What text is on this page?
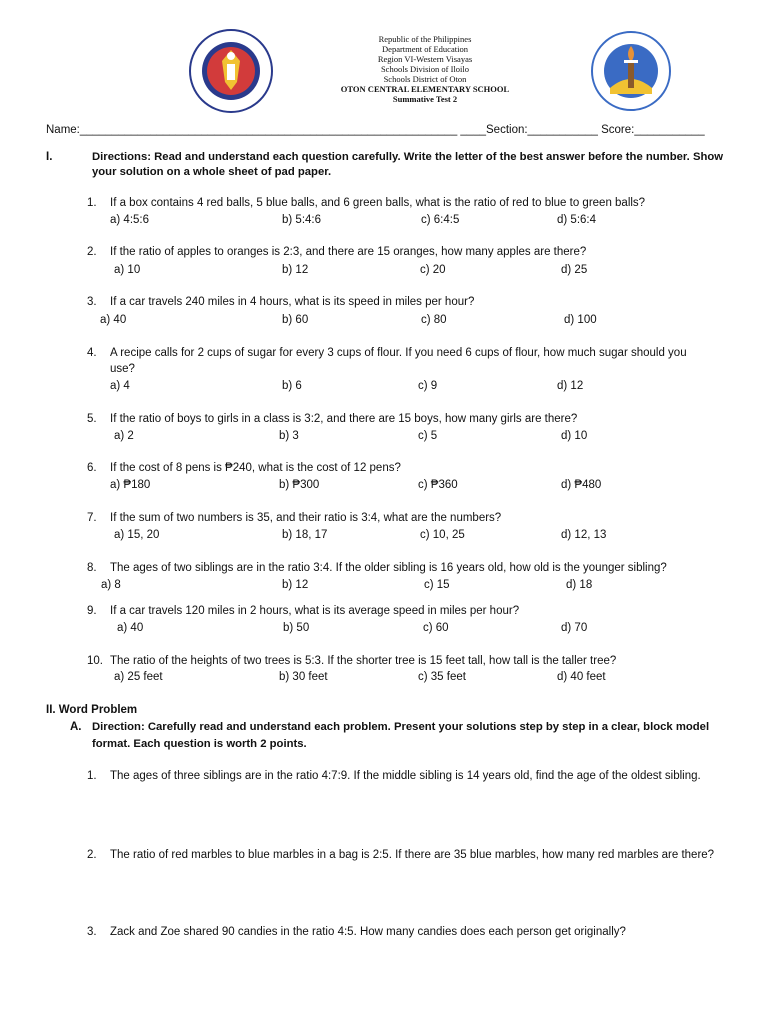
Republic of the Philippines
Department of Education
Region VI-Western Visayas
Schools Division of Iloilo
Schools District of Oton
OTON CENTRAL ELEMENTARY SCHOOL
Summative Test 2
Name:___________________________________________________________ ____Section:___________ Score:___________
I.	Directions: Read and understand each question carefully. Write the letter of the best answer before the number. Show
your solution on a whole sheet of pad paper.
1. If a box contains 4 red balls, 5 blue balls, and 6 green balls, what is the ratio of red to blue to green balls?
a) 4:5:6	b) 5:4:6	c) 6:4:5	d) 5:6:4
2. If the ratio of apples to oranges is 2:3, and there are 15 oranges, how many apples are there?
a) 10	b) 12	c) 20	d) 25
3. If a car travels 240 miles in 4 hours, what is its speed in miles per hour?
a) 40	b) 60	c) 80	d) 100
4. A recipe calls for 2 cups of sugar for every 3 cups of flour. If you need 6 cups of flour, how much sugar should you
use?
a) 4	b) 6	c) 9	d) 12
5. If the ratio of boys to girls in a class is 3:2, and there are 15 boys, how many girls are there?
a) 2	b) 3	c) 5	d) 10
6. If the cost of 8 pens is ₱240, what is the cost of 12 pens?
a) ₱180	b) ₱300	c) ₱360	d) ₱480
7. If the sum of two numbers is 35, and their ratio is 3:4, what are the numbers?
a) 15, 20	b) 18, 17	c) 10, 25	d) 12, 13
8. The ages of two siblings are in the ratio 3:4. If the older sibling is 16 years old, how old is the younger sibling?
a) 8	b) 12	c) 15	d) 18
9. If a car travels 120 miles in 2 hours, what is its average speed in miles per hour?
a) 40	b) 50	c) 60	d) 70
10. The ratio of the heights of two trees is 5:3. If the shorter tree is 15 feet tall, how tall is the taller tree?
a) 25 feet	b) 30 feet	c) 35 feet	d) 40 feet
II. Word Problem
A. Direction: Carefully read and understand each problem. Present your solutions step by step in a clear, block model
format. Each question is worth 2 points.
1. The ages of three siblings are in the ratio 4:7:9. If the middle sibling is 14 years old, find the age of the oldest sibling.
2. The ratio of red marbles to blue marbles in a bag is 2:5. If there are 35 blue marbles, how many red marbles are there?
3. Zack and Zoe shared 90 candies in the ratio 4:5. How many candies does each person get originally?
